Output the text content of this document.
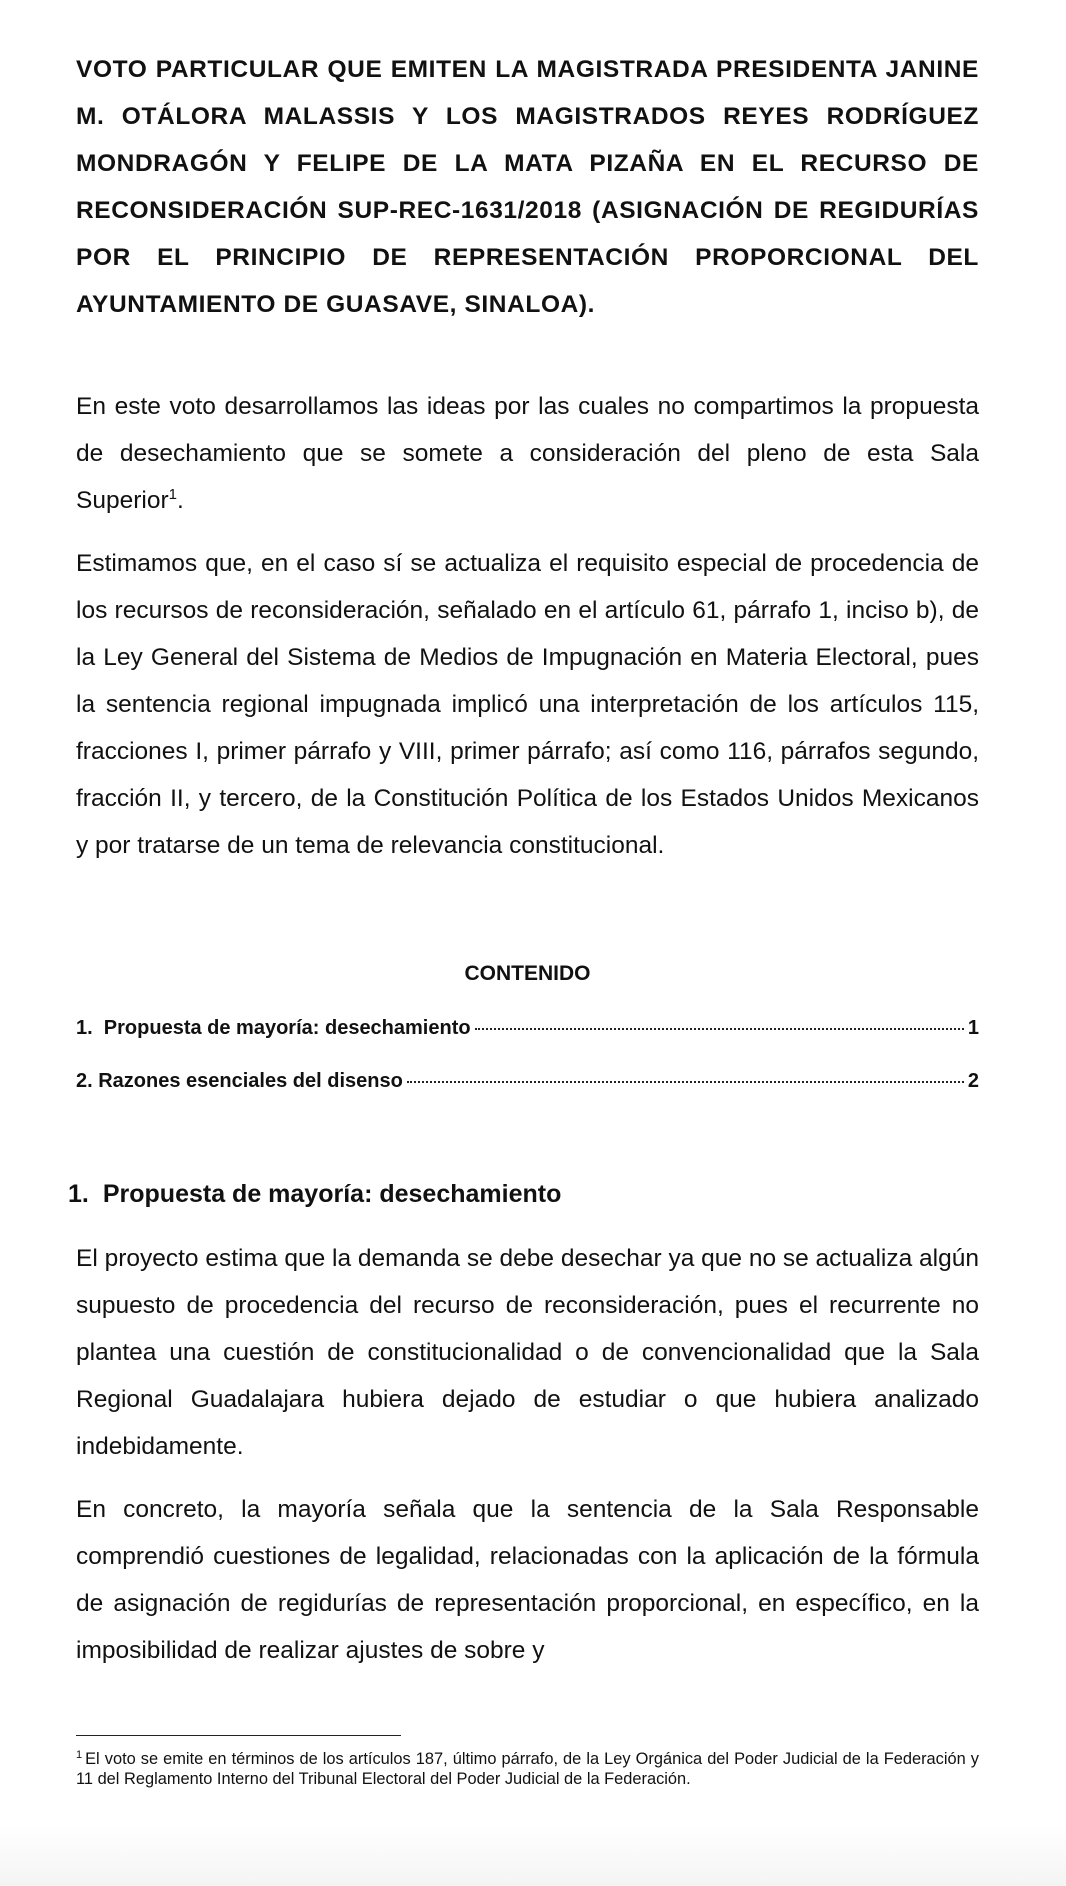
VOTO PARTICULAR QUE EMITEN LA MAGISTRADA PRESIDENTA JANINE M. OTÁLORA MALASSIS Y LOS MAGISTRADOS REYES RODRÍGUEZ MONDRAGÓN Y FELIPE DE LA MATA PIZAÑA EN EL RECURSO DE RECONSIDERACIÓN SUP-REC-1631/2018 (ASIGNACIÓN DE REGIDURÍAS POR EL PRINCIPIO DE REPRESENTACIÓN PROPORCIONAL DEL AYUNTAMIENTO DE GUASAVE, SINALOA).

En este voto desarrollamos las ideas por las cuales no compartimos la propuesta de desechamiento que se somete a consideración del pleno de esta Sala Superior$^1$.

Estimamos que, en el caso sí se actualiza el requisito especial de procedencia de los recursos de reconsideración, señalado en el artículo 61, párrafo 1, inciso b), de la Ley General del Sistema de Medios de Impugnación en Materia Electoral, pues la sentencia regional impugnada implicó una interpretación de los artículos 115, fracciones I, primer párrafo y VIII, primer párrafo; así como 116, párrafos segundo, fracción II, y tercero, de la Constitución Política de los Estados Unidos Mexicanos y por tratarse de un tema de relevancia constitucional.

CONTENIDO
1.  Propuesta de mayoría: desechamiento	1
2. Razones esenciales del disenso	2
1. Propuesta de mayoría: desechamiento

El proyecto estima que la demanda se debe desechar ya que no se actualiza algún supuesto de procedencia del recurso de reconsideración, pues el recurrente no plantea una cuestión de constitucionalidad o de convencionalidad que la Sala Regional Guadalajara hubiera dejado de estudiar o que hubiera analizado indebidamente.

En concreto, la mayoría señala que la sentencia de la Sala Responsable comprendió cuestiones de legalidad, relacionadas con la aplicación de la fórmula de asignación de regidurías de representación proporcional, en específico, en la imposibilidad de realizar ajustes de sobre y

$^1$ El voto se emite en términos de los artículos 187, último párrafo, de la Ley Orgánica del Poder Judicial de la Federación y 11 del Reglamento Interno del Tribunal Electoral del Poder Judicial de la Federación.
